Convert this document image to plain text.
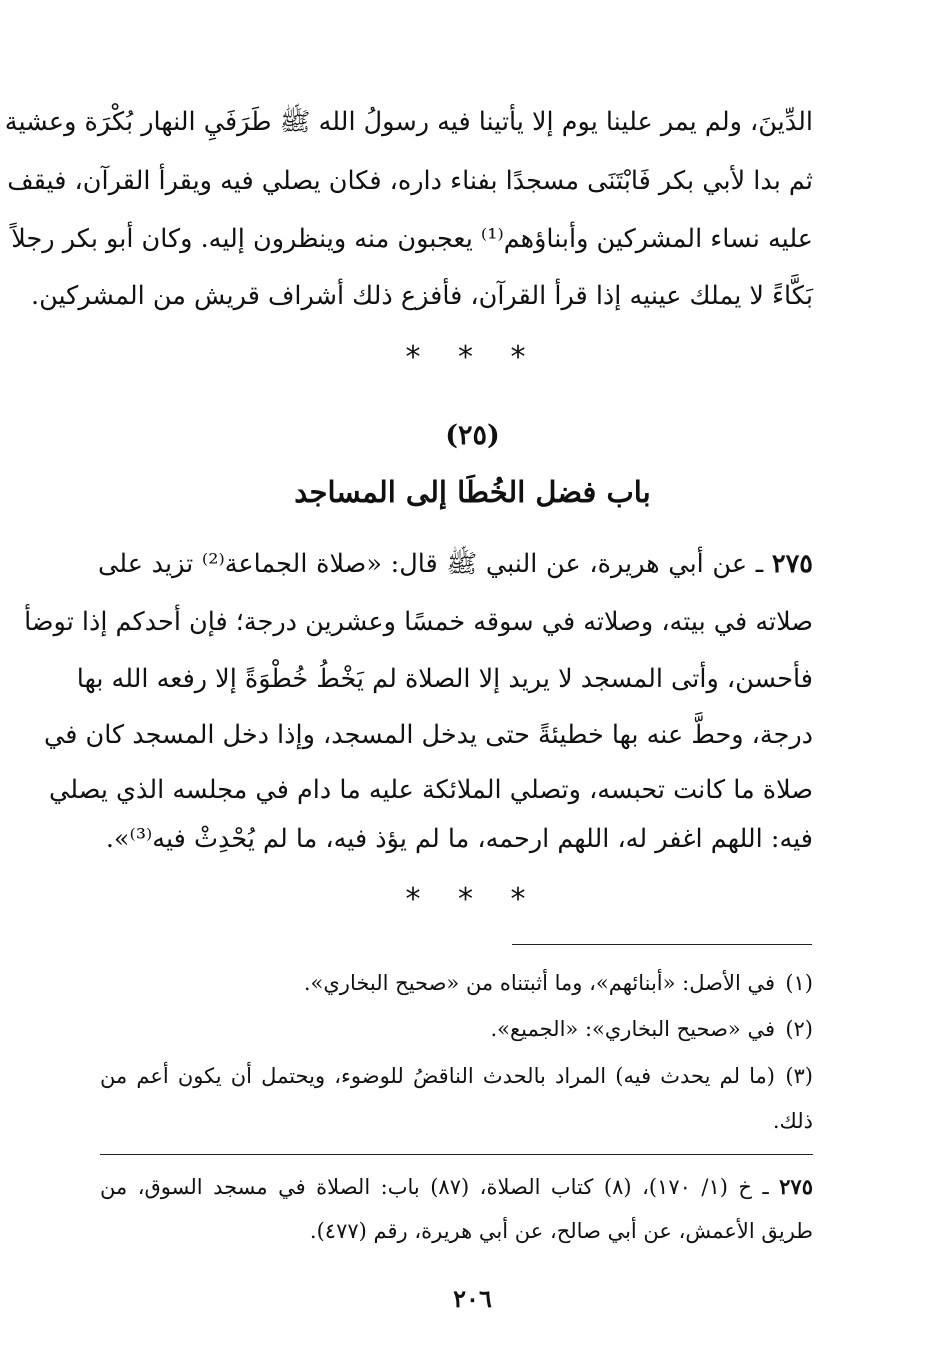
الدِّينَ، ولم يمر علينا يوم إلا يأتينا فيه رسولُ الله ﷺ طَرَفَيِ النهار بُكْرَة وعشية
ثم بدا لأبي بكر فَابْتَنَى مسجدًا بفناء داره، فكان يصلي فيه ويقرأ القرآن، فيقف
عليه نساء المشركين وأبناؤهم⁽¹⁾ يعجبون منه وينظرون إليه. وكان أبو بكر رجلاً
بَكَّاءً لا يملك عينيه إذا قرأ القرآن، فأفزع ذلك أشراف قريش من المشركين.
* * *
(٢٥)
باب فضل الخُطَا إلى المساجد
٢٧٥ ـ عن أبي هريرة، عن النبي ﷺ قال: «صلاة الجماعة⁽²⁾ تزيد على
صلاته في بيته، وصلاته في سوقه خمسًا وعشرين درجة؛ فإن أحدكم إذا توضأ
فأحسن، وأتى المسجد لا يريد إلا الصلاة لم يَخْطُ خُطْوَةً إلا رفعه الله بها
درجة، وحطَّ عنه بها خطيئةً حتى يدخل المسجد، وإذا دخل المسجد كان في
صلاة ما كانت تحبسه، وتصلي الملائكة عليه ما دام في مجلسه الذي يصلي
فيه: اللهم اغفر له، اللهم ارحمه، ما لم يؤذ فيه، ما لم يُحْدِثْ فيه⁽³⁾».
* * *
(١)في الأصل: «أبنائهم»، وما أثبتناه من «صحيح البخاري».
(٢)في «صحيح البخاري»: «الجميع».
(٣)(ما لم يحدث فيه) المراد بالحدث الناقضُ للوضوء، ويحتمل أن يكون أعم من
ذلك.
٢٧٥ ـ خ (١/ ١٧٠)، (٨) كتاب الصلاة، (٨٧) باب: الصلاة في مسجد السوق، من
طريق الأعمش، عن أبي صالح، عن أبي هريرة، رقم (٤٧٧).
٢٠٦
